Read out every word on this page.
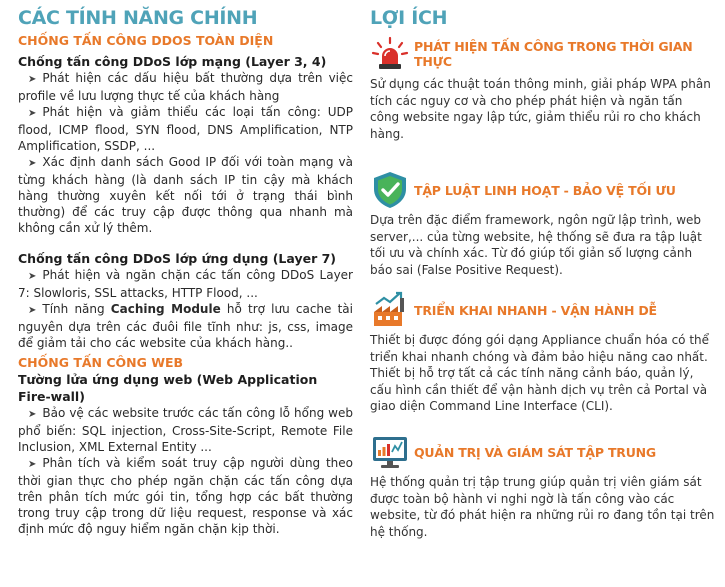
CÁC TÍNH NĂNG CHÍNH
CHỐNG TẤN CÔNG DDOS TOÀN DIỆN
Chống tấn công DDoS lớp mạng (Layer 3, 4)

➤ Phát hiện các dấu hiệu bất thường dựa trên việc profile về lưu lượng thực tế của khách hàng

➤ Phát hiện và giảm thiểu các loại tấn công: UDP flood, ICMP flood, SYN flood, DNS Amplification, NTP Amplification, SSDP, ...

➤ Xác định danh sách Good IP đối với toàn mạng và từng khách hàng (là danh sách IP tin cậy mà khách hàng thường xuyên kết nối tới ở trạng thái bình thường) để các truy cập được thông qua nhanh mà không cần xử lý thêm.

Chống tấn công DDoS lớp ứng dụng (Layer 7)

➤ Phát hiện và ngăn chặn các tấn công DDoS Layer 7: Slowloris, SSL attacks, HTTP Flood, ...

➤ Tính năng Caching Module hỗ trợ lưu cache tài nguyên dựa trên các đuôi file tĩnh như: js, css, image để giảm tải cho các website của khách hàng..

CHỐNG TẤN CÔNG WEB
Tường lửa ứng dụng web (Web Application Fire-wall)

➤ Bảo vệ các website trước các tấn công lỗ hổng web phổ biến: SQL injection, Cross-Site-Script, Remote File Inclusion, XML External Entity ...

➤ Phân tích và kiểm soát truy cập người dùng theo thời gian thực cho phép ngăn chặn các tấn công dựa trên phân tích mức gói tin, tổng hợp các bất thường trong truy cập trong dữ liệu request, response và xác định mức độ nguy hiểm ngăn chặn kịp thời.

LỢI ÍCH
PHÁT HIỆN TẤN CÔNG TRONG THỜI GIAN THỰC
Sử dụng các thuật toán thông minh, giải pháp WPA phân tích các nguy cơ và cho phép phát hiện và ngăn tấn công website ngay lập tức, giảm thiểu rủi ro cho khách hàng.
TẬP LUẬT LINH HOẠT - BẢO VỆ TỐI ƯU
Dựa trên đặc điểm framework, ngôn ngữ lập trình, web server,... của từng website, hệ thống sẽ đưa ra tập luật tối ưu và chính xác. Từ đó giúp tối giản số lượng cảnh báo sai (False Positive Request).
TRIỂN KHAI NHANH - VẬN HÀNH DỄ
Thiết bị được đóng gói dạng Appliance chuẩn hóa có thể triển khai nhanh chóng và đảm bảo hiệu năng cao nhất. Thiết bị hỗ trợ tất cả các tính năng cảnh báo, quản lý, cấu hình cần thiết để vận hành dịch vụ trên cả Portal và giao diện Command Line Interface (CLI).
QUẢN TRỊ VÀ GIÁM SÁT TẬP TRUNG
Hệ thống quản trị tập trung giúp quản trị viên giám sát được toàn bộ hành vi nghi ngờ là tấn công vào các website, từ đó phát hiện ra những rủi ro đang tồn tại trên hệ thống.
